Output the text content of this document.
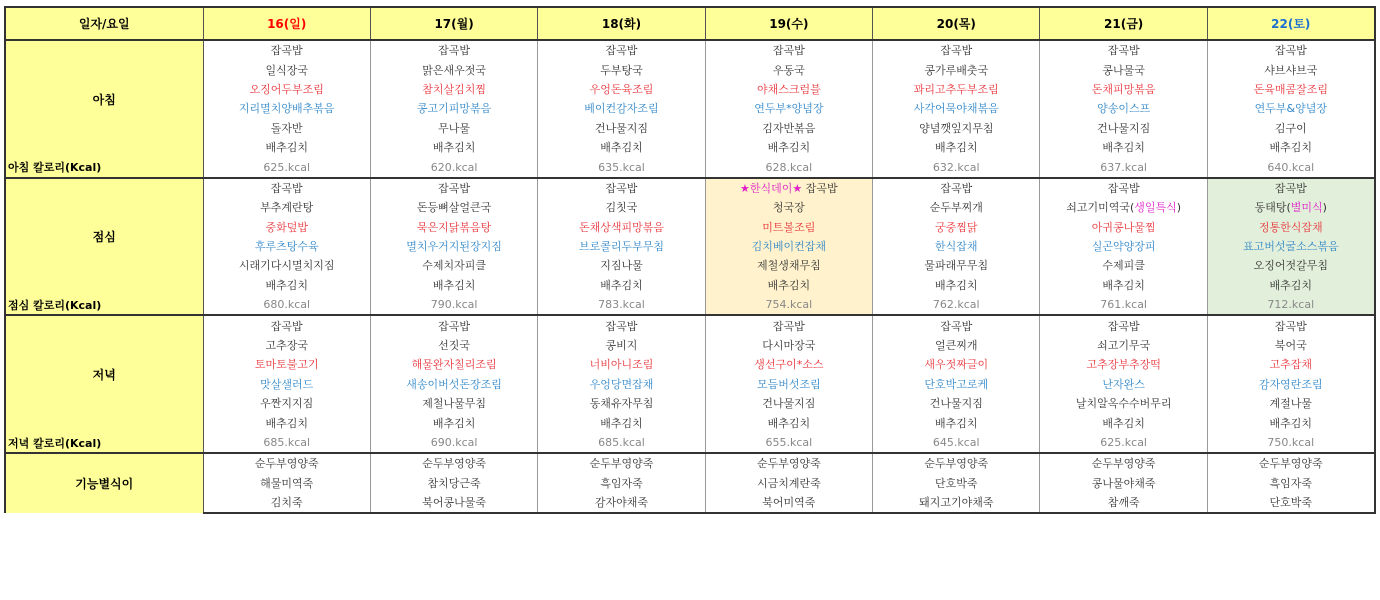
일자/요일	16(일)	17(월)	18(화)	19(수)	20(목)	21(금)	22(토)
아침	잡곡밥	잡곡밥	잡곡밥	잡곡밥	잡곡밥	잡곡밥	잡곡밥
	일식장국	맑은새우젓국	두부탕국	우동국	콩가루배춧국	콩나물국	샤브샤브국
	오징어두부조림	참치살김치찜	우엉돈육조림	야채스크럼블	꽈리고추두부조림	돈채피망볶음	돈육매콤잘조림
	지리멸치양배추볶음	콩고기피망볶음	베이컨감자조림	연두부*양념장	사각어묵야채볶음	양송이스프	연두부&양념장
	돌자반	무나물	건나물지짐	김자반볶음	양념깻잎지무침	건나물지짐	김구이
	배추김치	배추김치	배추김치	배추김치	배추김치	배추김치	배추김치
아침 칼로리(Kcal)	625.kcal	620.kcal	635.kcal	628.kcal	632.kcal	637.kcal	640.kcal
점심	잡곡밥	잡곡밥	잡곡밥	★한식데이★ 잡곡밥	잡곡밥	잡곡밥	잡곡밥
	부추계란탕	돈등뼈살얼큰국	김칫국	청국장	순두부찌개	쇠고기미역국(생일특식)	동태탕(별미식)
	중화덮밥	묵은지닭볶음탕	돈채상색피망볶음	미트볼조림	궁중찜닭	아귀콩나물찜	정통한식잡채
	후루츠탕수육	멸치우거지된장지짐	브로콜리두부무침	김치베이컨잡채	한식잡채	실곤약양장피	표고버섯굴소스볶음
	시래기다시멸치지짐	수제치자피클	지짐나물	제철생채무침	물파래무무침	수제피클	오징어젓갈무침
	배추김치	배추김치	배추김치	배추김치	배추김치	배추김치	배추김치
점심 칼로리(Kcal)	680.kcal	790.kcal	783.kcal	754.kcal	762.kcal	761.kcal	712.kcal
저녁	잡곡밥	잡곡밥	잡곡밥	잡곡밥	잡곡밥	잡곡밥	잡곡밥
	고추장국	선짓국	콩비지	다시마장국	얼큰찌개	쇠고기무국	북어국
	토마토불고기	해물완자칠리조림	너비아니조림	생선구이*소스	새우젓짜글이	고추장부추장떡	고추잡채
	맛살샐러드	새송이버섯돈장조림	우엉당면잡채	모듬버섯조림	단호박고로케	난자완스	감자영란조림
	우짠지지짐	제철나물무침	동채유자무침	건나물지짐	건나물지짐	날치알옥수수버무리	계절나물
	배추김치	배추김치	배추김치	배추김치	배추김치	배추김치	배추김치
저녁 칼로리(Kcal)	685.kcal	690.kcal	685.kcal	655.kcal	645.kcal	625.kcal	750.kcal
기능별식이	순두부영양죽	순두부영양죽	순두부영양죽	순두부영양죽	순두부영양죽	순두부영양죽	순두부영양죽
	해물미역죽	참치당근죽	흑임자죽	시금치계란죽	단호박죽	콩나물야채죽	흑임자죽
	김치죽	북어콩나물죽	감자야채죽	북어미역죽	돼지고기야채죽	참깨죽	단호박죽
